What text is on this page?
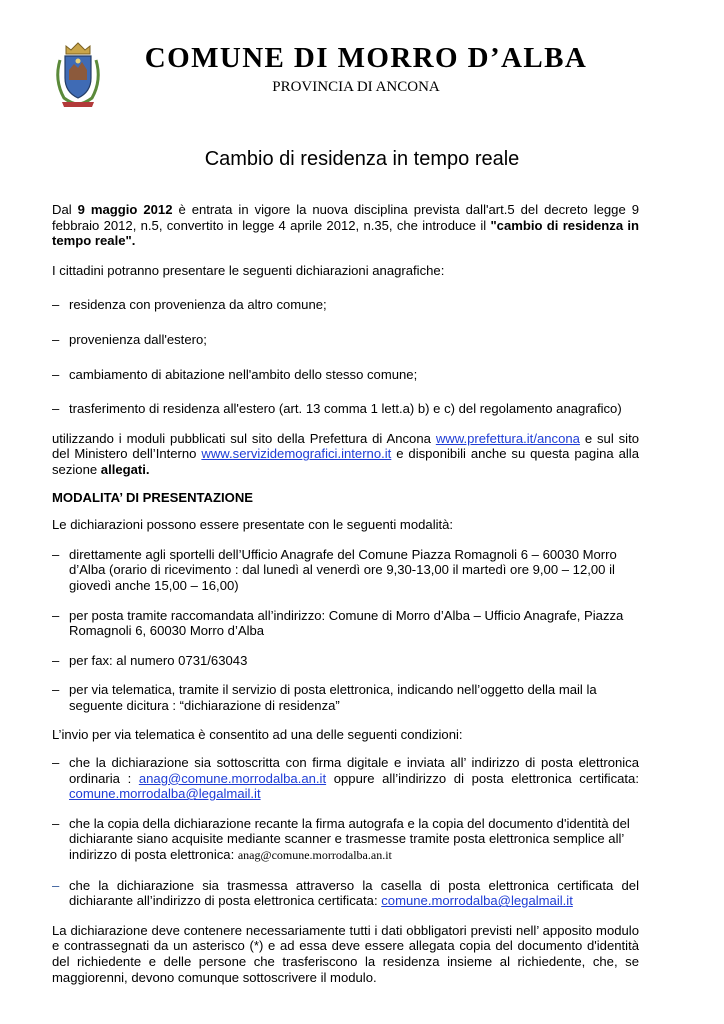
COMUNE DI MORRO D’ALBA
PROVINCIA DI ANCONA
Cambio di residenza in tempo reale

Dal 9 maggio 2012 è entrata in vigore la nuova disciplina prevista dall'art.5 del decreto legge 9 febbraio 2012, n.5, convertito in legge 4 aprile 2012, n.35, che introduce il "cambio di residenza in tempo reale".

I cittadini potranno presentare le seguenti dichiarazioni anagrafiche:

– residenza con provenienza da altro comune;
– provenienza dall'estero;
– cambiamento di abitazione nell'ambito dello stesso comune;
– trasferimento di residenza all'estero (art. 13 comma 1 lett.a) b) e c) del regolamento anagrafico)

utilizzando i moduli pubblicati sul sito della Prefettura di Ancona www.prefettura.it/ancona e sul sito del Ministero dell’Interno www.servizidemografici.interno.it e disponibili anche su questa pagina alla sezione allegati.

MODALITA’ DI PRESENTAZIONE

Le dichiarazioni possono essere presentate con le seguenti modalità:

– direttamente agli sportelli dell’Ufficio Anagrafe del Comune Piazza Romagnoli 6 – 60030 Morro d’Alba (orario di ricevimento : dal lunedì al venerdì ore 9,30-13,00 il martedì ore 9,00 – 12,00 il giovedì anche 15,00 – 16,00)
– per posta tramite raccomandata all’indirizzo: Comune di Morro d’Alba – Ufficio Anagrafe, Piazza Romagnoli 6, 60030 Morro d’Alba
– per fax: al numero 0731/63043
– per via telematica, tramite il servizio di posta elettronica, indicando nell’oggetto della mail la seguente dicitura : “dichiarazione di residenza”

L’invio per via telematica è consentito ad una delle seguenti condizioni:

– che la dichiarazione sia sottoscritta con firma digitale e inviata all’ indirizzo di posta elettronica ordinaria : anag@comune.morrodalba.an.it oppure all’indirizzo di posta elettronica certificata: comune.morrodalba@legalmail.it
– che la copia della dichiarazione recante la firma autografa e la copia del documento d'identità del dichiarante siano acquisite mediante scanner e trasmesse tramite posta elettronica semplice all’ indirizzo di posta elettronica: anag@comune.morrodalba.an.it
– che la dichiarazione sia trasmessa attraverso la casella di posta elettronica certificata del dichiarante all’indirizzo di posta elettronica certificata: comune.morrodalba@legalmail.it

La dichiarazione deve contenere necessariamente tutti i dati obbligatori previsti nell’ apposito modulo e contrassegnati da un asterisco (*) e ad essa deve essere allegata copia del documento d'identità del richiedente e delle persone che trasferiscono la residenza insieme al richiedente, che, se maggiorenni, devono comunque sottoscrivere il modulo.
